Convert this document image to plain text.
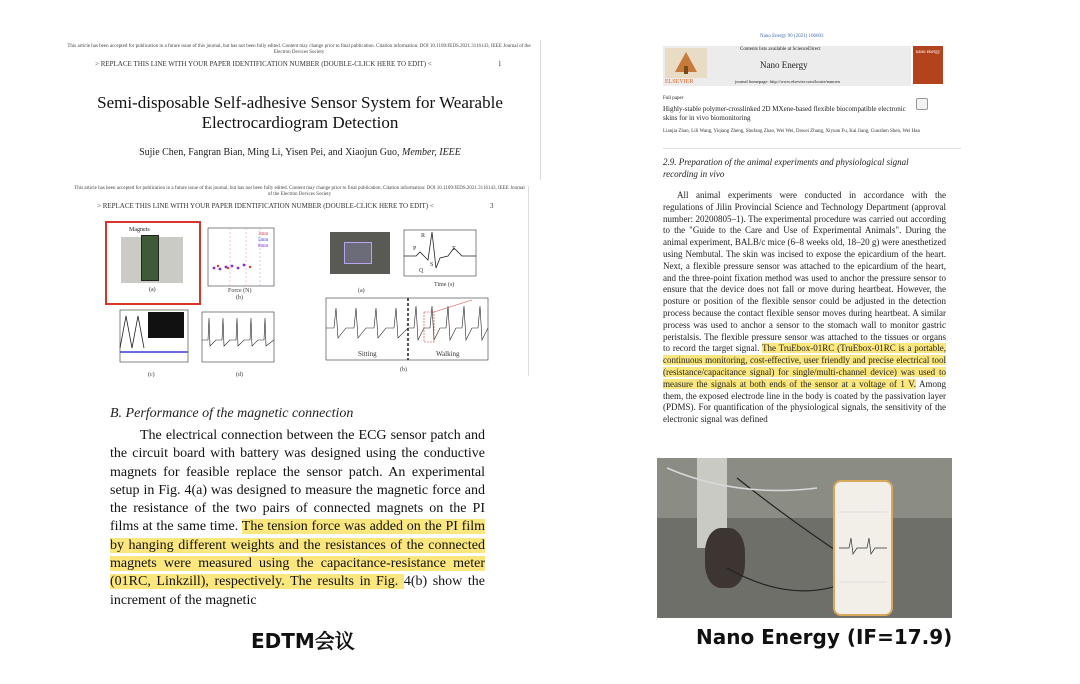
This article has been accepted for publication in a future issue of this journal, but has not been fully edited. Content may change prior to final publication. Citation information: DOI 10.1109/JEDS.2021.3116143, IEEE Journal of the Electron Devices Society
> REPLACE THIS LINE WITH YOUR PAPER IDENTIFICATION NUMBER (DOUBLE-CLICK HERE TO EDIT) <	1
Semi-disposable Self-adhesive Sensor System for Wearable Electrocardiogram Detection
Sujie Chen, Fangran Bian, Ming Li, Yisen Pei, and Xiaojun Guo, Member, IEEE
This article has been accepted for publication in a future issue of this journal, but has not been fully edited. Content may change prior to final publication. Citation information: DOI 10.1109/JEDS.2021.3116143, IEEE Journal of the Electron Devices Society
> REPLACE THIS LINE WITH YOUR PAPER IDENTIFICATION NUMBER (DOUBLE-CLICK HERE TO EDIT) <	3
Magnets
(a)
3mm
5mm
8mm
Force (N)
(b)
(c)	(d)
(a)
R
P	T
S
Q
Time (s)
Sitting	Walking
(b)
B. Performance of the magnetic connection

The electrical connection between the ECG sensor patch and the circuit board with battery was designed using the conductive magnets for feasible replace the sensor patch. An experimental setup in Fig. 4(a) was designed to measure the magnetic force and the resistance of the two pairs of connected magnets on the PI films at the same time. The tension force was added on the PI film by hanging different weights and the resistances of the connected magnets were measured using the capacitance-resistance meter (01RC, Linkzill), respectively. The results in Fig. 4(b) show the increment of the magnetic

EDTM会议
Nano Energy 90 (2021) 106603
ELSEVIER
Contents lists available at ScienceDirect
Nano Energy
journal homepage: http://www.elsevier.com/locate/nanoen
nano energy
Full paper
Highly-stable polymer-crosslinked 2D MXene-based flexible biocompatible electronic skins for in vivo biomonitoring
Lianjia Zhao, Lili Wang, Yiqiang Zheng, Shufang Zhao, Wei Wei, Dawei Zhang, Xiyuan Fu, Kai Jiang, Guozhen Shen, Wei Han
2.9. Preparation of the animal experiments and physiological signal recording in vivo

All animal experiments were conducted in accordance with the regulations of Jilin Provincial Science and Technology Department (approval number: 20200805–1). The experimental procedure was carried out according to the "Guide to the Care and Use of Experimental Animals". During the animal experiment, BALB/c mice (6–8 weeks old, 18–20 g) were anesthetized using Nembutal. The skin was incised to expose the epicardium of the heart. Next, a flexible pressure sensor was attached to the epicardium of the heart, and the three-point fixation method was used to anchor the pressure sensor to ensure that the device does not fall or move during heartbeat. However, the posture or position of the flexible sensor could be adjusted in the detection process because the contact flexible sensor moves during heartbeat. A similar process was used to anchor a sensor to the stomach wall to monitor gastric peristalsis. The flexible pressure sensor was attached to the tissues or organs to record the target signal. The TruEbox-01RC (TruEbox-01RC is a portable, continuous monitoring, cost-effective, user friendly and precise electrical tool (resistance/capacitance signal) for single/multi-channel device) was used to measure the signals at both ends of the sensor at a voltage of 1 V. Among them, the exposed electrode line in the body is coated by the passivation layer (PDMS). For quantification of the physiological signals, the sensitivity of the electronic signal was defined

Nano Energy (IF=17.9)
